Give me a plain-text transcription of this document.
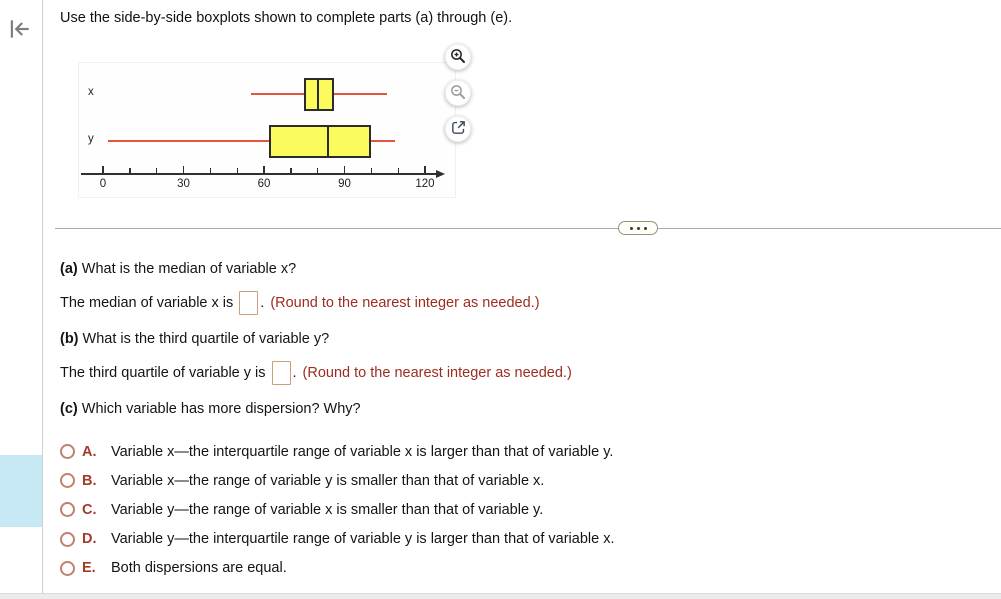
Use the side-by-side boxplots shown to complete parts (a) through (e).
x
y
0	30	60	90	120
(a) What is the median of variable x?
The median of variable x is . (Round to the nearest integer as needed.)
(b) What is the third quartile of variable y?
The third quartile of variable y is . (Round to the nearest integer as needed.)
(c) Which variable has more dispersion? Why?
A.	Variable x—the interquartile range of variable x is larger than that of variable y.
B.	Variable x—the range of variable y is smaller than that of variable x.
C.	Variable y—the range of variable x is smaller than that of variable y.
D.	Variable y—the interquartile range of variable y is larger than that of variable x.
E.	Both dispersions are equal.
